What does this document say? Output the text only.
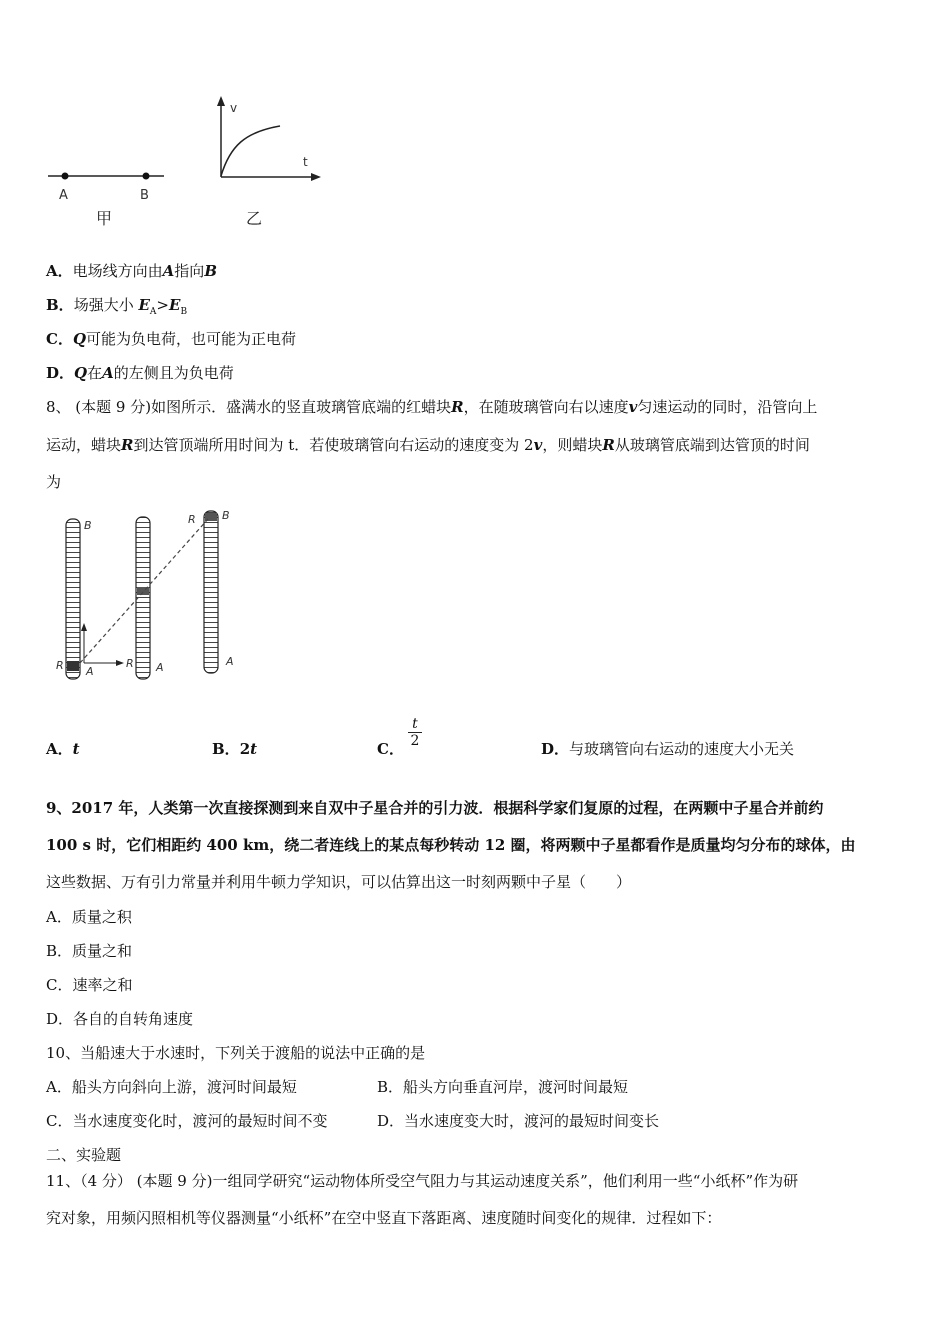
A	B
甲
v
t
乙
A．电场线方向由A指向B
B．场强大小 $E_A>E_B$
C．Q可能为负电荷，也可能为正电荷
D．Q在A的左侧且为负电荷
8、 (本题 9 分)如图所示．盛满水的竖直玻璃管底端的红蜡块R，在随玻璃管向右以速度v匀速运动的同时，沿管向上
运动，蜡块R到达管顶端所用时间为 t．若使玻璃管向右运动的速度变为 2v，则蜡块R从玻璃管底端到达管顶的时间
为
B
R A
R A
R B
A
A．t	B．2t	C． $\frac{t}{2}$	D．与玻璃管向右运动的速度大小无关
9、2017 年，人类第一次直接探测到来自双中子星合并的引力波．根据科学家们复原的过程，在两颗中子星合并前约
100 s 时，它们相距约 400 km，绕二者连线上的某点每秒转动 12 圈，将两颗中子星都看作是质量均匀分布的球体，由
这些数据、万有引力常量并利用牛顿力学知识，可以估算出这一时刻两颗中子星（　　）
A．质量之积
B．质量之和
C．速率之和
D．各自的自转角速度
10、当船速大于水速时，下列关于渡船的说法中正确的是
A．船头方向斜向上游，渡河时间最短	B．船头方向垂直河岸，渡河时间最短
C．当水速度变化时，渡河的最短时间不变	D．当水速度变大时，渡河的最短时间变长
二、实验题
11、（4 分） (本题 9 分)一组同学研究“运动物体所受空气阻力与其运动速度关系”，他们利用一些“小纸杯”作为研
究对象，用频闪照相机等仪器测量“小纸杯”在空中竖直下落距离、速度随时间变化的规律．过程如下：
